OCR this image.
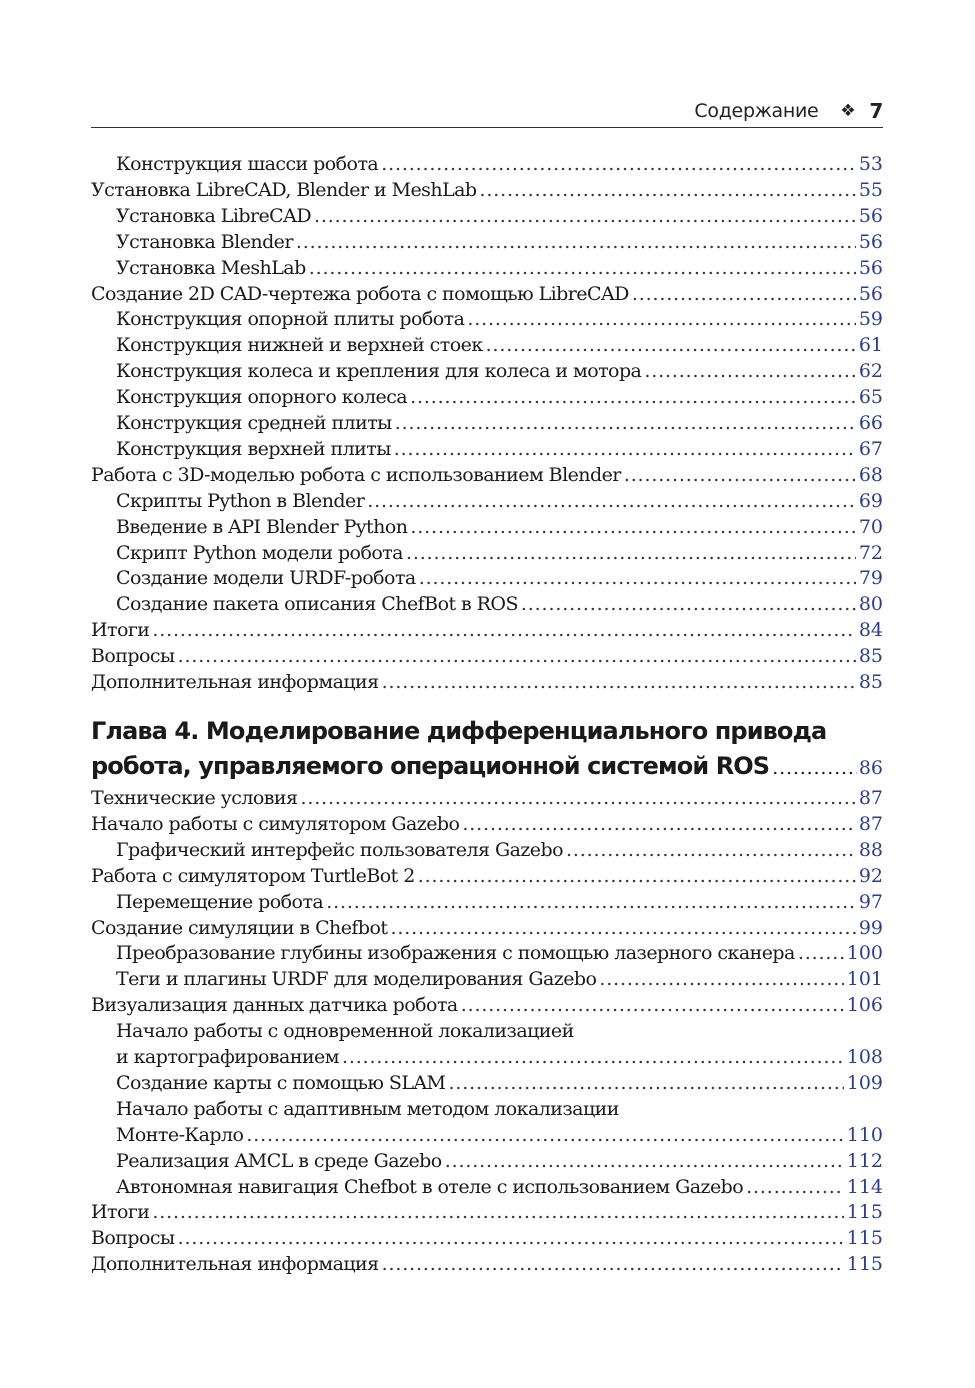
Содержание ❖ 7
Конструкция шасси робота . . .	53
Установка LibreCAD, Blender и MeshLab . . .	55
Установка LibreCAD . . .	56
Установка Blender . . .	56
Установка MeshLab . . .	56
Создание 2D CAD-чертежа робота с помощью LibreCAD . . .	56
Конструкция опорной плиты робота . . .	59
Конструкция нижней и верхней стоек . . .	61
Конструкция колеса и крепления для колеса и мотора . . .	62
Конструкция опорного колеса . . .	65
Конструкция средней плиты . . .	66
Конструкция верхней плиты . . .	67
Работа с 3D-моделью робота с использованием Blender . . .	68
Скрипты Python в Blender . . .	69
Введение в API Blender Python . . .	70
Скрипт Python модели робота . . .	72
Создание модели URDF-робота . . .	79
Создание пакета описания ChefBot в ROS . . .	80
Итоги . . .	84
Вопросы . . .	85
Дополнительная информация . . .	85
Глава 4. Моделирование дифференциального привода
робота, управляемого операционной системой ROS . . .	86
Технические условия . . .	87
Начало работы с симулятором Gazebo . . .	87
Графический интерфейс пользователя Gazebo . . .	88
Работа с симулятором TurtleBot 2 . . .	92
Перемещение робота . . .	97
Создание симуляции в Chefbot . . .	99
Преобразование глубины изображения с помощью лазерного сканера . . .	100
Теги и плагины URDF для моделирования Gazebo . . .	101
Визуализация данных датчика робота . . .	106
Начало работы с одновременной локализацией
и картографированием . . .	108
Создание карты с помощью SLAM . . .	109
Начало работы с адаптивным методом локализации
Монте-Карло . . .	110
Реализация AMCL в среде Gazebo . . .	112
Автономная навигация Chefbot в отеле с использованием Gazebo . . .	114
Итоги . . .	115
Вопросы . . .	115
Дополнительная информация . . .	115
